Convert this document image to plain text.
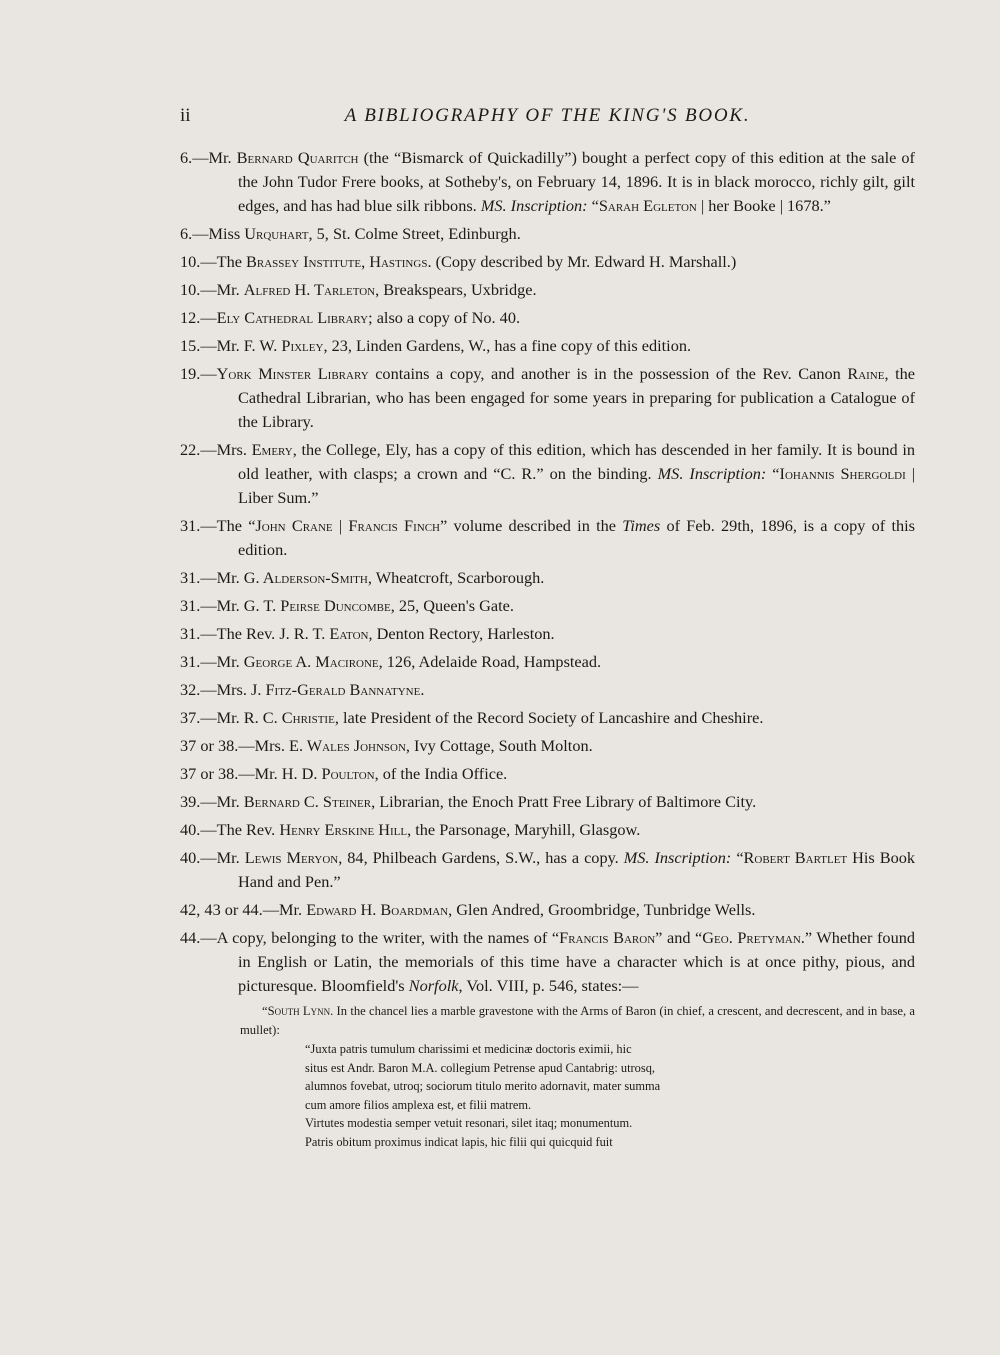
ii	A BIBLIOGRAPHY OF THE KING'S BOOK.
6.—Mr. Bernard Quaritch (the “Bismarck of Quickadilly”) bought a perfect copy of this edition at the sale of the John Tudor Frere books, at Sotheby's, on February 14, 1896. It is in black morocco, richly gilt, gilt edges, and has had blue silk ribbons. MS. Inscription: “Sarah Egleton | her Booke | 1678.”
6.—Miss Urquhart, 5, St. Colme Street, Edinburgh.
10.—The Brassey Institute, Hastings. (Copy described by Mr. Edward H. Marshall.)
10.—Mr. Alfred H. Tarleton, Breakspears, Uxbridge.
12.—Ely Cathedral Library; also a copy of No. 40.
15.—Mr. F. W. Pixley, 23, Linden Gardens, W., has a fine copy of this edition.
19.—York Minster Library contains a copy, and another is in the possession of the Rev. Canon Raine, the Cathedral Librarian, who has been engaged for some years in preparing for publication a Catalogue of the Library.
22.—Mrs. Emery, the College, Ely, has a copy of this edition, which has descended in her family. It is bound in old leather, with clasps; a crown and “C. R.” on the binding. MS. Inscription: “Iohannis Shergoldi | Liber Sum.”
31.—The “John Crane | Francis Finch” volume described in the Times of Feb. 29th, 1896, is a copy of this edition.
31.—Mr. G. Alderson-Smith, Wheatcroft, Scarborough.
31.—Mr. G. T. Peirse Duncombe, 25, Queen's Gate.
31.—The Rev. J. R. T. Eaton, Denton Rectory, Harleston.
31.—Mr. George A. Macirone, 126, Adelaide Road, Hampstead.
32.—Mrs. J. Fitz-Gerald Bannatyne.
37.—Mr. R. C. Christie, late President of the Record Society of Lancashire and Cheshire.
37 or 38.—Mrs. E. Wales Johnson, Ivy Cottage, South Molton.
37 or 38.—Mr. H. D. Poulton, of the India Office.
39.—Mr. Bernard C. Steiner, Librarian, the Enoch Pratt Free Library of Baltimore City.
40.—The Rev. Henry Erskine Hill, the Parsonage, Maryhill, Glasgow.
40.—Mr. Lewis Meryon, 84, Philbeach Gardens, S.W., has a copy. MS. Inscription: “Robert Bartlet His Book Hand and Pen.”
42, 43 or 44.—Mr. Edward H. Boardman, Glen Andred, Groombridge, Tunbridge Wells.
44.—A copy, belonging to the writer, with the names of “Francis Baron” and “Geo. Pretyman.” Whether found in English or Latin, the memorials of this time have a character which is at once pithy, pious, and picturesque. Bloomfield's Norfolk, Vol. VIII, p. 546, states:—
“South Lynn. In the chancel lies a marble gravestone with the Arms of Baron (in chief, a crescent, and decrescent, and in base, a mullet):
“Juxta patris tumulum charissimi et medicinæ doctoris eximii, hic
situs est Andr. Baron M.A. collegium Petrense apud Cantabrig: utrosq,
alumnos fovebat, utroq; sociorum titulo merito adornavit, mater summa
cum amore filios amplexa est, et filii matrem.
Virtutes modestia semper vetuit resonari, silet itaq; monumentum.
Patris obitum proximus indicat lapis, hic filii qui quicquid fuit
